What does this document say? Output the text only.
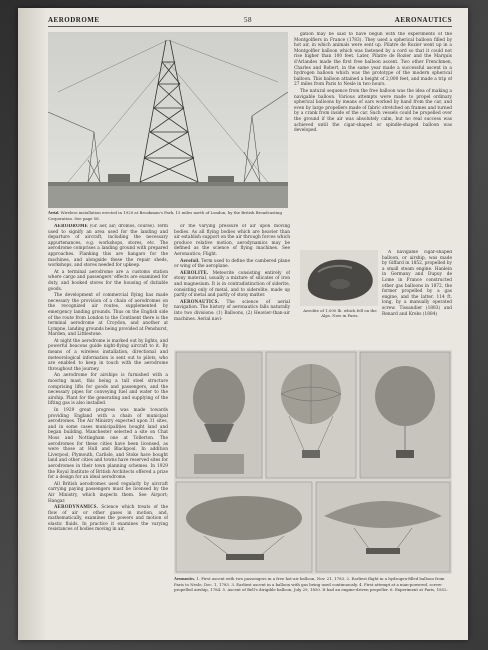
AERODROME	58	AERONAUTICS
Aerial. Wireless installation erected in 1929 at Brookman's Park, 15 miles north of London, by the British Broadcasting Corporation. See page 58.

AERODROME (Gr. aer, air; dromos, course). Term used to signify an area used for the landing and departure of aircraft, including the necessary appurtenances, e.g. workshops, stores, etc. The aerodrome comprises a landing ground with prepared approaches. Flanking this are hangars for the machines, and alongside these the repair sheds, workshops, and stores needed for upkeep.

At a terminal aerodrome are a customs station where cargo and passengers' effects are examined for duty, and booked stores for the housing of dutiable goods.

The development of commercial flying has made necessary the provision of a chain of aerodromes on the recognized air routes, supplemented by emergency landing grounds. Thus on the English side of the route from London to the Continent there is the terminal aerodrome at Croydon, and another at Lympne, landing grounds being provided at Penshurst, Marden, and Littlestone.

At night the aerodrome is marked out by lights, and powerful beacons guide night-flying aircraft to it. By means of a wireless installation, directional and meteorological information is sent out to pilots, who are enabled to keep in touch with the aerodrome throughout the journey.

An aerodrome for airships is furnished with a mooring mast, this being a tall steel structure comprising lifts for goods and passengers, and the necessary pipes for conveying fuel and water to the airship. Plant for the generating and supplying of the lifting gas is also installed.

In 1929 great progress was made towards providing England with a chain of municipal aerodromes. The Air Ministry expected upon 31 sites, and in some cases municipalities bought land and began building. Manchester selected a site on Chat Moss and Nottingham one at Tollerton. The aerodromes for these cities have been licensed, as were those at Hull and Blackpool. In addition Liverpool, Plymouth, Carlisle, and Stoke have bought land and other cities and towns have reserved sites for aerodromes in their town planning schemes. In 1929 the Royal Institute of British Architects offered a prize for a design for an ideal aerodrome.

All British aerodromes used regularly by aircraft carrying paying passengers must be licensed by the Air Ministry, which inspects them. See Airport; Hangar.

AERODYNAMICS. Science which treats of the flow of air or other gases in motion, and, mathematically, examines the powers and motion of elastic fluids. In practice it examines the varying resistances of bodies moving in air,

or the varying pressure of air upon moving bodies. As all flying bodies which are heavier than air establish support on the air through forces which produce relative motion, aerodynamics may be defined as the science of flying machines. See Aeronautics; Flight.

Aerofoil. Term used to define the cambered plane or wing of the aeroplane.

AEROLITE. Meteorite consisting entirely of stony material, usually a mixture of silicates of iron and magnesium. It is in contradistinction of siderite, consisting only of metal, and to siderolite, made up partly of metal and partly of stony matter.

AERONAUTICS. The science of aerial navigation. The history of aeronautics falls naturally into two divisions: (1) Balloons, (2) Heavier-than-air machines. Aerial navi-

gation may be said to have begun with the experiments of the Montgolfiers in France (1783). They used a spherical balloon filled by hot air, in which animals were sent up. Pilatre de Rozier went up in a Montgolfier balloon which was fastened by a cord so that it could not rise higher than 100 feet. Later, Pilatre de Rozier and the Marquis d'Arlandes made the first free balloon ascent. Two other Frenchmen, Charles and Robert, in the same year made a successful ascent in a hydrogen balloon which was the prototype of the modern spherical balloon. This balloon attained a height of 2,000 feet, and made a trip of 27 miles from Paris to Nesle in two hours.

The natural sequence from the free balloon was the idea of making a navigable balloon. Various attempts were made to propel ordinary spherical balloons by means of oars worked by hand from the car, and even by large propellers made of fabric stretched on frames and turned by a crank from inside of the car. Such vessels could be propelled over the ground if the air was absolutely calm, but no real success was achieved until the cigar-shaped or spindle-shaped balloon was developed.

Aerolite of 1,000 lb. which fell on the Alps. Now in Paris.

A navigable cigar-shaped balloon, or airship, was made by Giffard in 1852, propelled by a small steam engine. Hanlein in Germany and Dupuy de Lome in France constructed other gas balloons in 1872, the former propelled by a gas engine, and the latter, 114 ft. long, by a manually operated screw. Tissandier (1883) and Renard and Krebs (1884)

Aeronautics. 1. First ascent with two passengers in a free hot-air balloon, Nov. 21, 1783. 2. Earliest flight in a hydrogen-filled balloon from Paris to Nesle, Dec. 1, 1783. 3. Earliest ascent in a balloon with gas being used continuously. 4. First attempt at a man-powered, screw-propelled airship, 1784. 5. Ascent of Bell's dirigible balloon, July 29, 1850. It had an engine-driven propeller. 6. Experiment at Paris, 1852.
